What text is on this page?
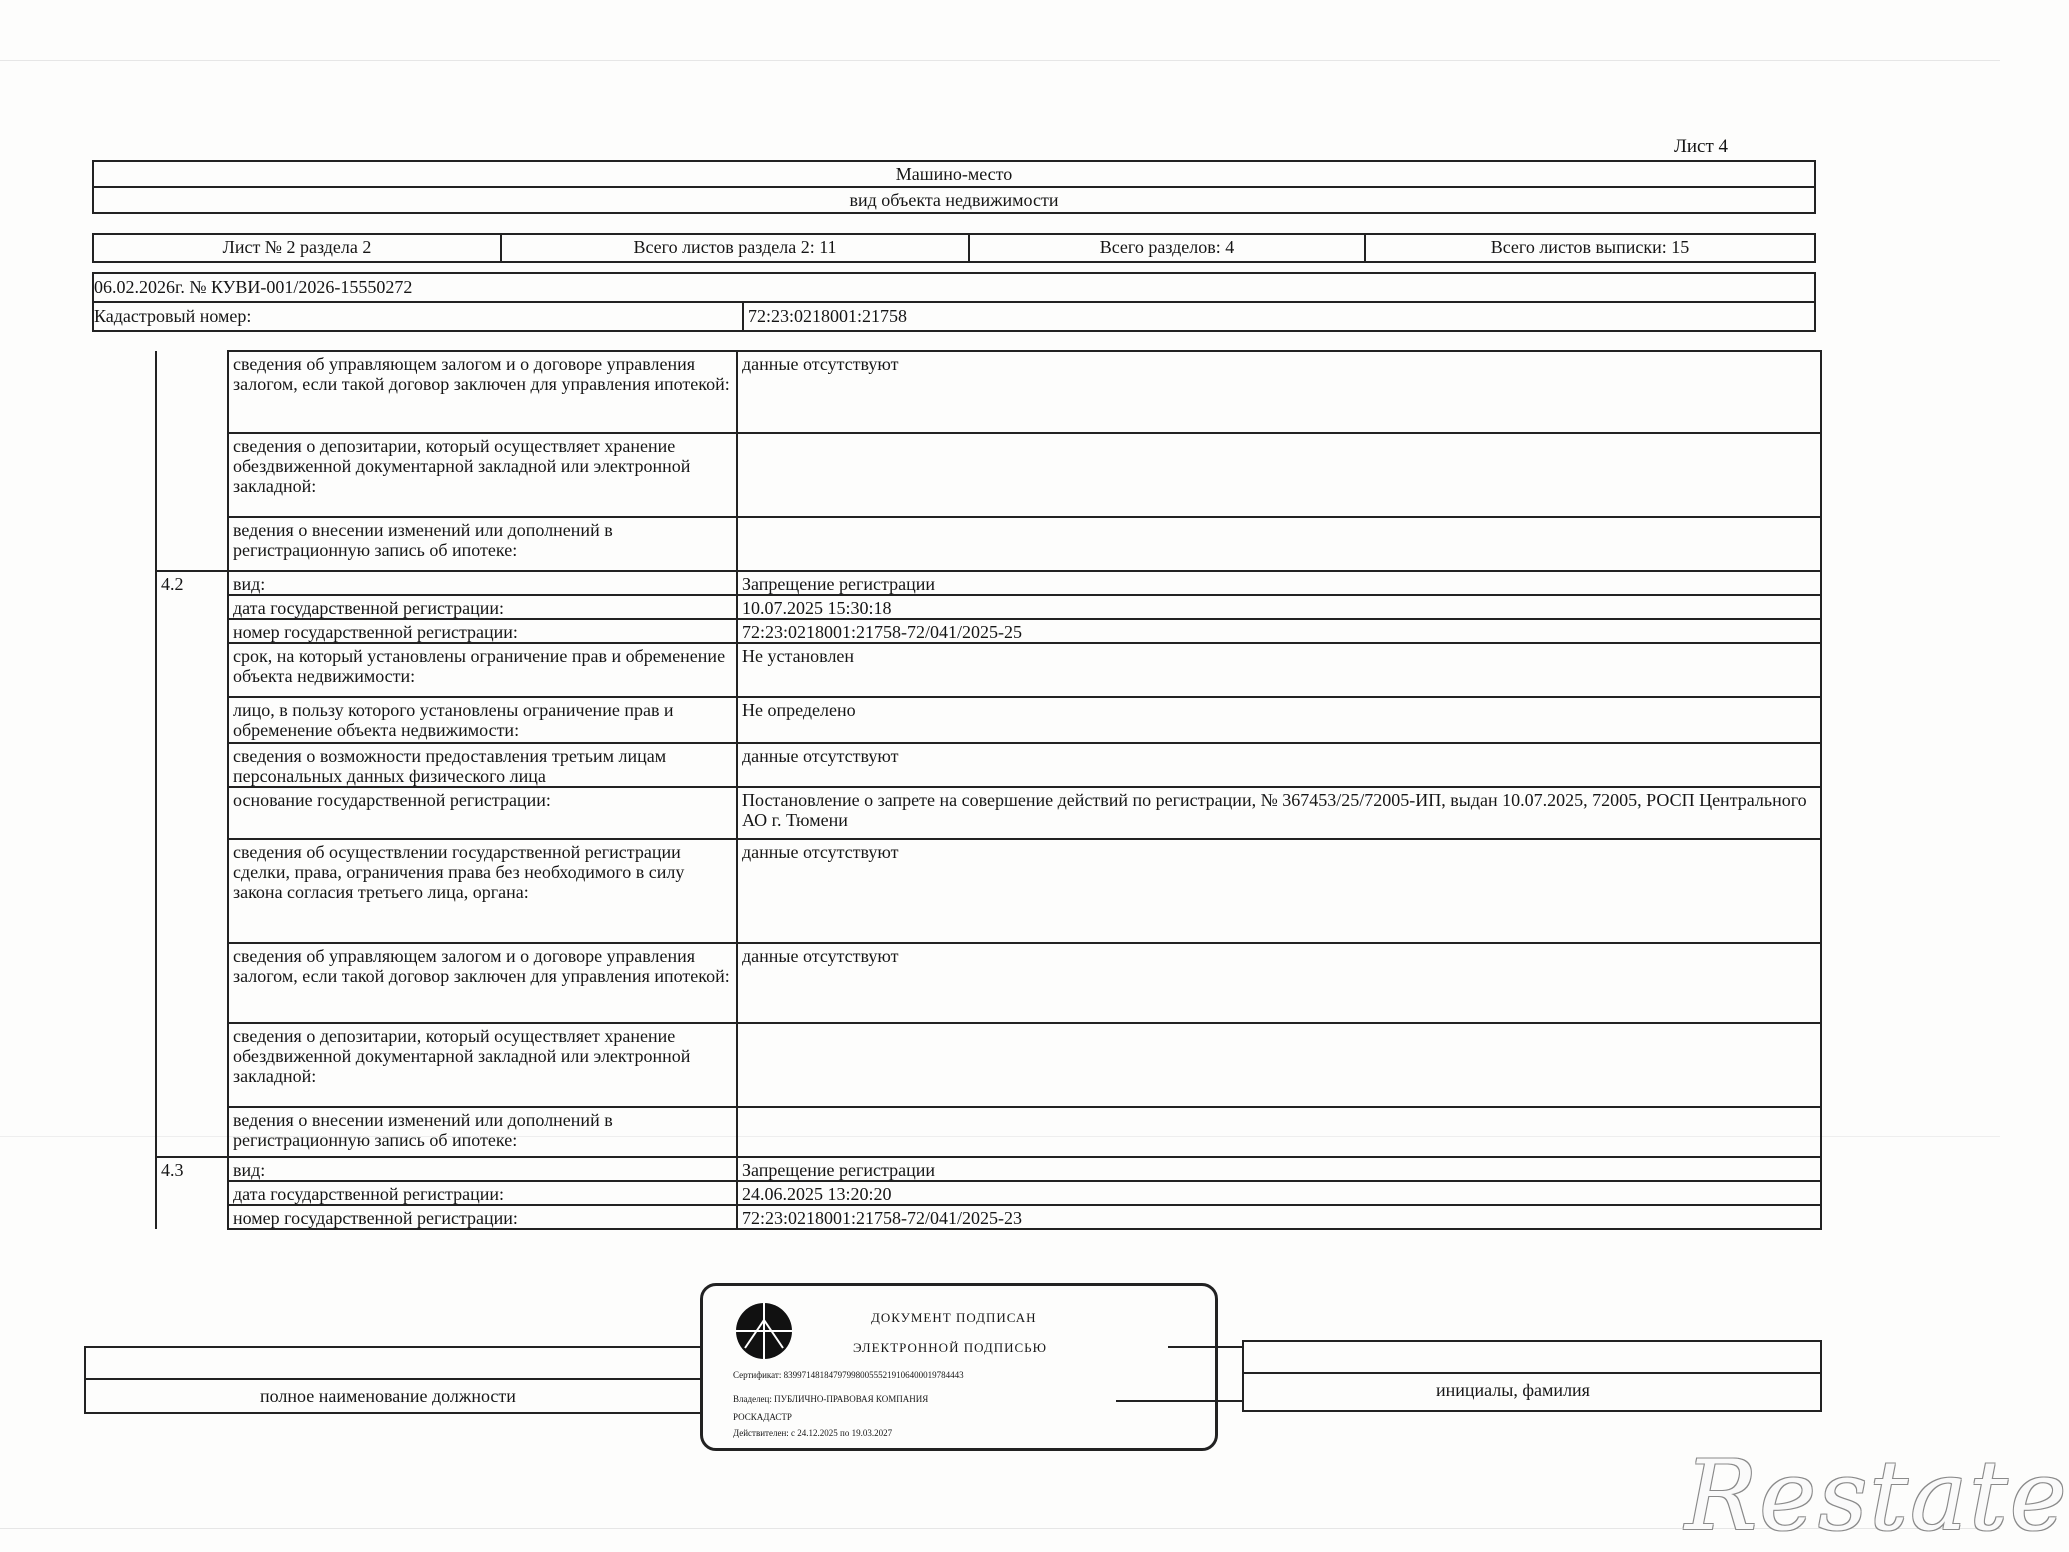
Лист 4
Машино-место
вид объекта недвижимости
Лист № 2 раздела 2	Всего листов раздела 2: 11	Всего разделов: 4	Всего листов выписки: 15
06.02.2026г. № КУВИ-001/2026-15550272
Кадастровый номер:	72:23:0218001:21758
		сведения об управляющем залогом и о договоре управления залогом, если такой договор заключен для управления ипотекой:	данные отсутствуют
		сведения о депозитарии, который осуществляет хранение обездвиженной документарной закладной или электронной закладной:	
		ведения о внесении изменений или дополнений в регистрационную запись об ипотеке:	
	4.2	вид:	Запрещение регистрации
		дата государственной регистрации:	10.07.2025 15:30:18
		номер государственной регистрации:	72:23:0218001:21758-72/041/2025-25
		срок, на который установлены ограничение прав и обременение объекта недвижимости:	Не установлен
		лицо, в пользу которого установлены ограничение прав и обременение объекта недвижимости:	Не определено
		сведения о возможности предоставления третьим лицам персональных данных физического лица	данные отсутствуют
		основание государственной регистрации:	Постановление о запрете на совершение действий по регистрации, № 367453/25/72005-ИП, выдан 10.07.2025, 72005, РОСП Центрального АО г. Тюмени
		сведения об осуществлении государственной регистрации сделки, права, ограничения права без необходимого в силу закона согласия третьего лица, органа:	данные отсутствуют
		сведения об управляющем залогом и о договоре управления залогом, если такой договор заключен для управления ипотекой:	данные отсутствуют
		сведения о депозитарии, который осуществляет хранение обездвиженной документарной закладной или электронной закладной:	
		ведения о внесении изменений или дополнений в регистрационную запись об ипотеке:	
	4.3	вид:	Запрещение регистрации
		дата государственной регистрации:	24.06.2025 13:20:20
		номер государственной регистрации:	72:23:0218001:21758-72/041/2025-23
полное наименование должности	инициалы, фамилия
ДОКУМЕНТ ПОДПИСАН
ЭЛЕКТРОННОЙ ПОДПИСЬЮ
Сертификат: 8399714818479799800555219106400019784443
Владелец: ПУБЛИЧНО-ПРАВОВАЯ КОМПАНИЯ
РОСКАДАСТР
Действителен: с 24.12.2025 по 19.03.2027
Restate
